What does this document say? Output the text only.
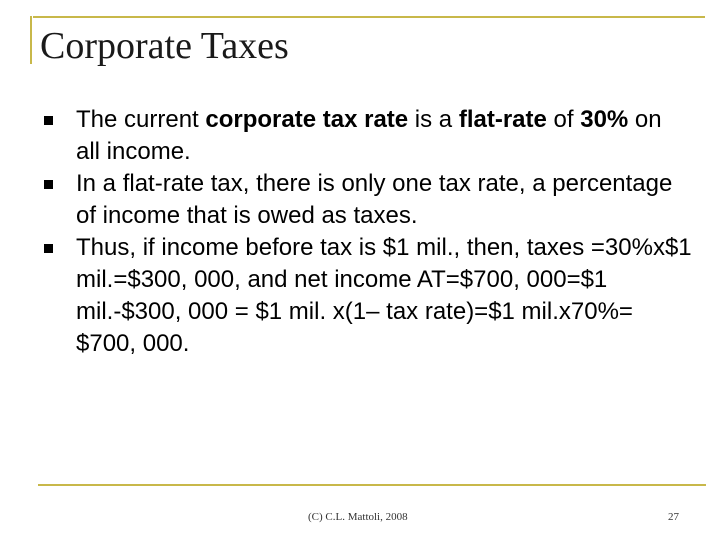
Corporate Taxes
The current corporate tax rate is a flat-rate of 30% on all income.
In a flat-rate tax, there is only one tax rate, a percentage of income that is owed as taxes.
Thus, if income before tax is $1 mil., then, taxes =30%x$1 mil.=$300, 000, and net income AT=$700, 000=$1 mil.-$300, 000 = $1 mil. x(1– tax rate)=$1 mil.x70%= $700, 000.
(C) C.L. Mattoli, 2008	27
